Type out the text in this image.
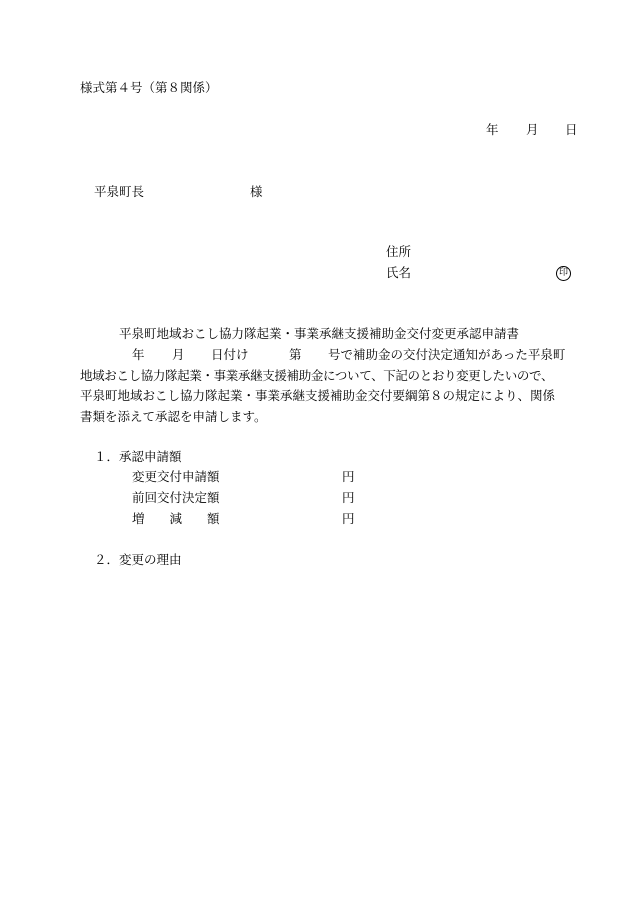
様式第４号（第８関係）
年 月 日
平泉町長	様
住所
氏名	印
平泉町地域おこし協力隊起業・事業承継支援補助金交付変更承認申請書
年 月 日付け	第 号で補助金の交付決定通知があった平泉町
地域おこし協力隊起業・事業承継支援補助金について、下記のとおり変更したいので、
平泉町地域おこし協力隊起業・事業承継支援補助金交付要綱第８の規定により、関係
書類を添えて承認を申請します。
１．承認申請額
変更交付申請額	円
前回交付決定額	円
増　　減　　額	円
２．変更の理由
